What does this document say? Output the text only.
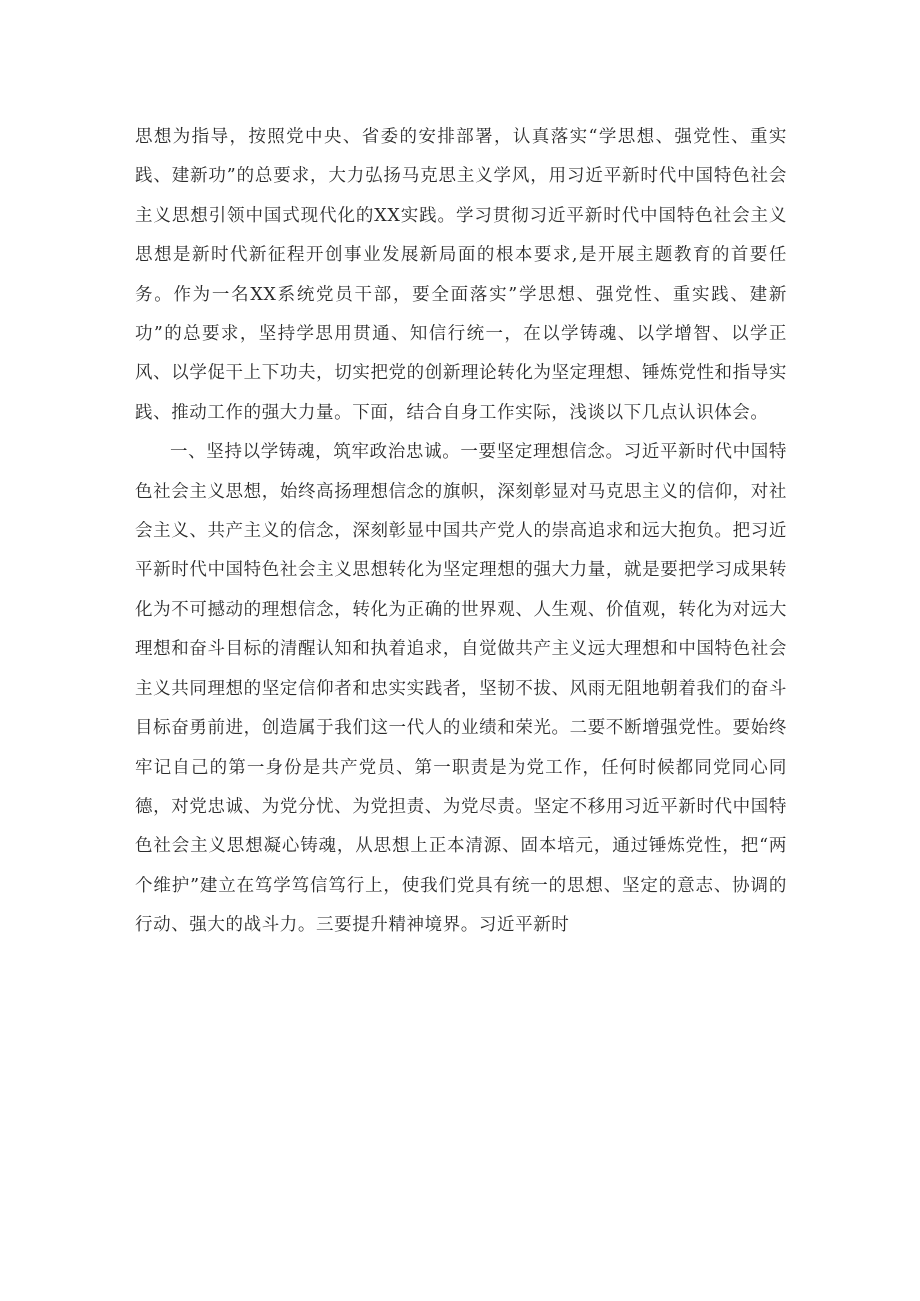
思想为指导，按照党中央、省委的安排部署，认真落实“学思想、强党性、重实践、建新功”的总要求，大力弘扬马克思主义学风，用习近平新时代中国特色社会主义思想引领中国式现代化的XX实践。学习贯彻习近平新时代中国特色社会主义思想是新时代新征程开创事业发展新局面的根本要求,是开展主题教育的首要任务。作为一名XX系统党员干部，要全面落实”学思想、强党性、重实践、建新功”的总要求，坚持学思用贯通、知信行统一，在以学铸魂、以学增智、以学正风、以学促干上下功夫，切实把党的创新理论转化为坚定理想、锤炼党性和指导实践、推动工作的强大力量。下面，结合自身工作实际，浅谈以下几点认识体会。

一、坚持以学铸魂，筑牢政治忠诚。一要坚定理想信念。习近平新时代中国特色社会主义思想，始终高扬理想信念的旗帜，深刻彰显对马克思主义的信仰，对社会主义、共产主义的信念，深刻彰显中国共产党人的崇高追求和远大抱负。把习近平新时代中国特色社会主义思想转化为坚定理想的强大力量，就是要把学习成果转化为不可撼动的理想信念，转化为正确的世界观、人生观、价值观，转化为对远大理想和奋斗目标的清醒认知和执着追求，自觉做共产主义远大理想和中国特色社会主义共同理想的坚定信仰者和忠实实践者，坚韧不拔、风雨无阻地朝着我们的奋斗目标奋勇前进，创造属于我们这一代人的业绩和荣光。二要不断增强党性。要始终牢记自己的第一身份是共产党员、第一职责是为党工作，任何时候都同党同心同德，对党忠诚、为党分忧、为党担责、为党尽责。坚定不移用习近平新时代中国特色社会主义思想凝心铸魂，从思想上正本清源、固本培元，通过锤炼党性，把“两个维护”建立在笃学笃信笃行上，使我们党具有统一的思想、坚定的意志、协调的行动、强大的战斗力。三要提升精神境界。习近平新时
